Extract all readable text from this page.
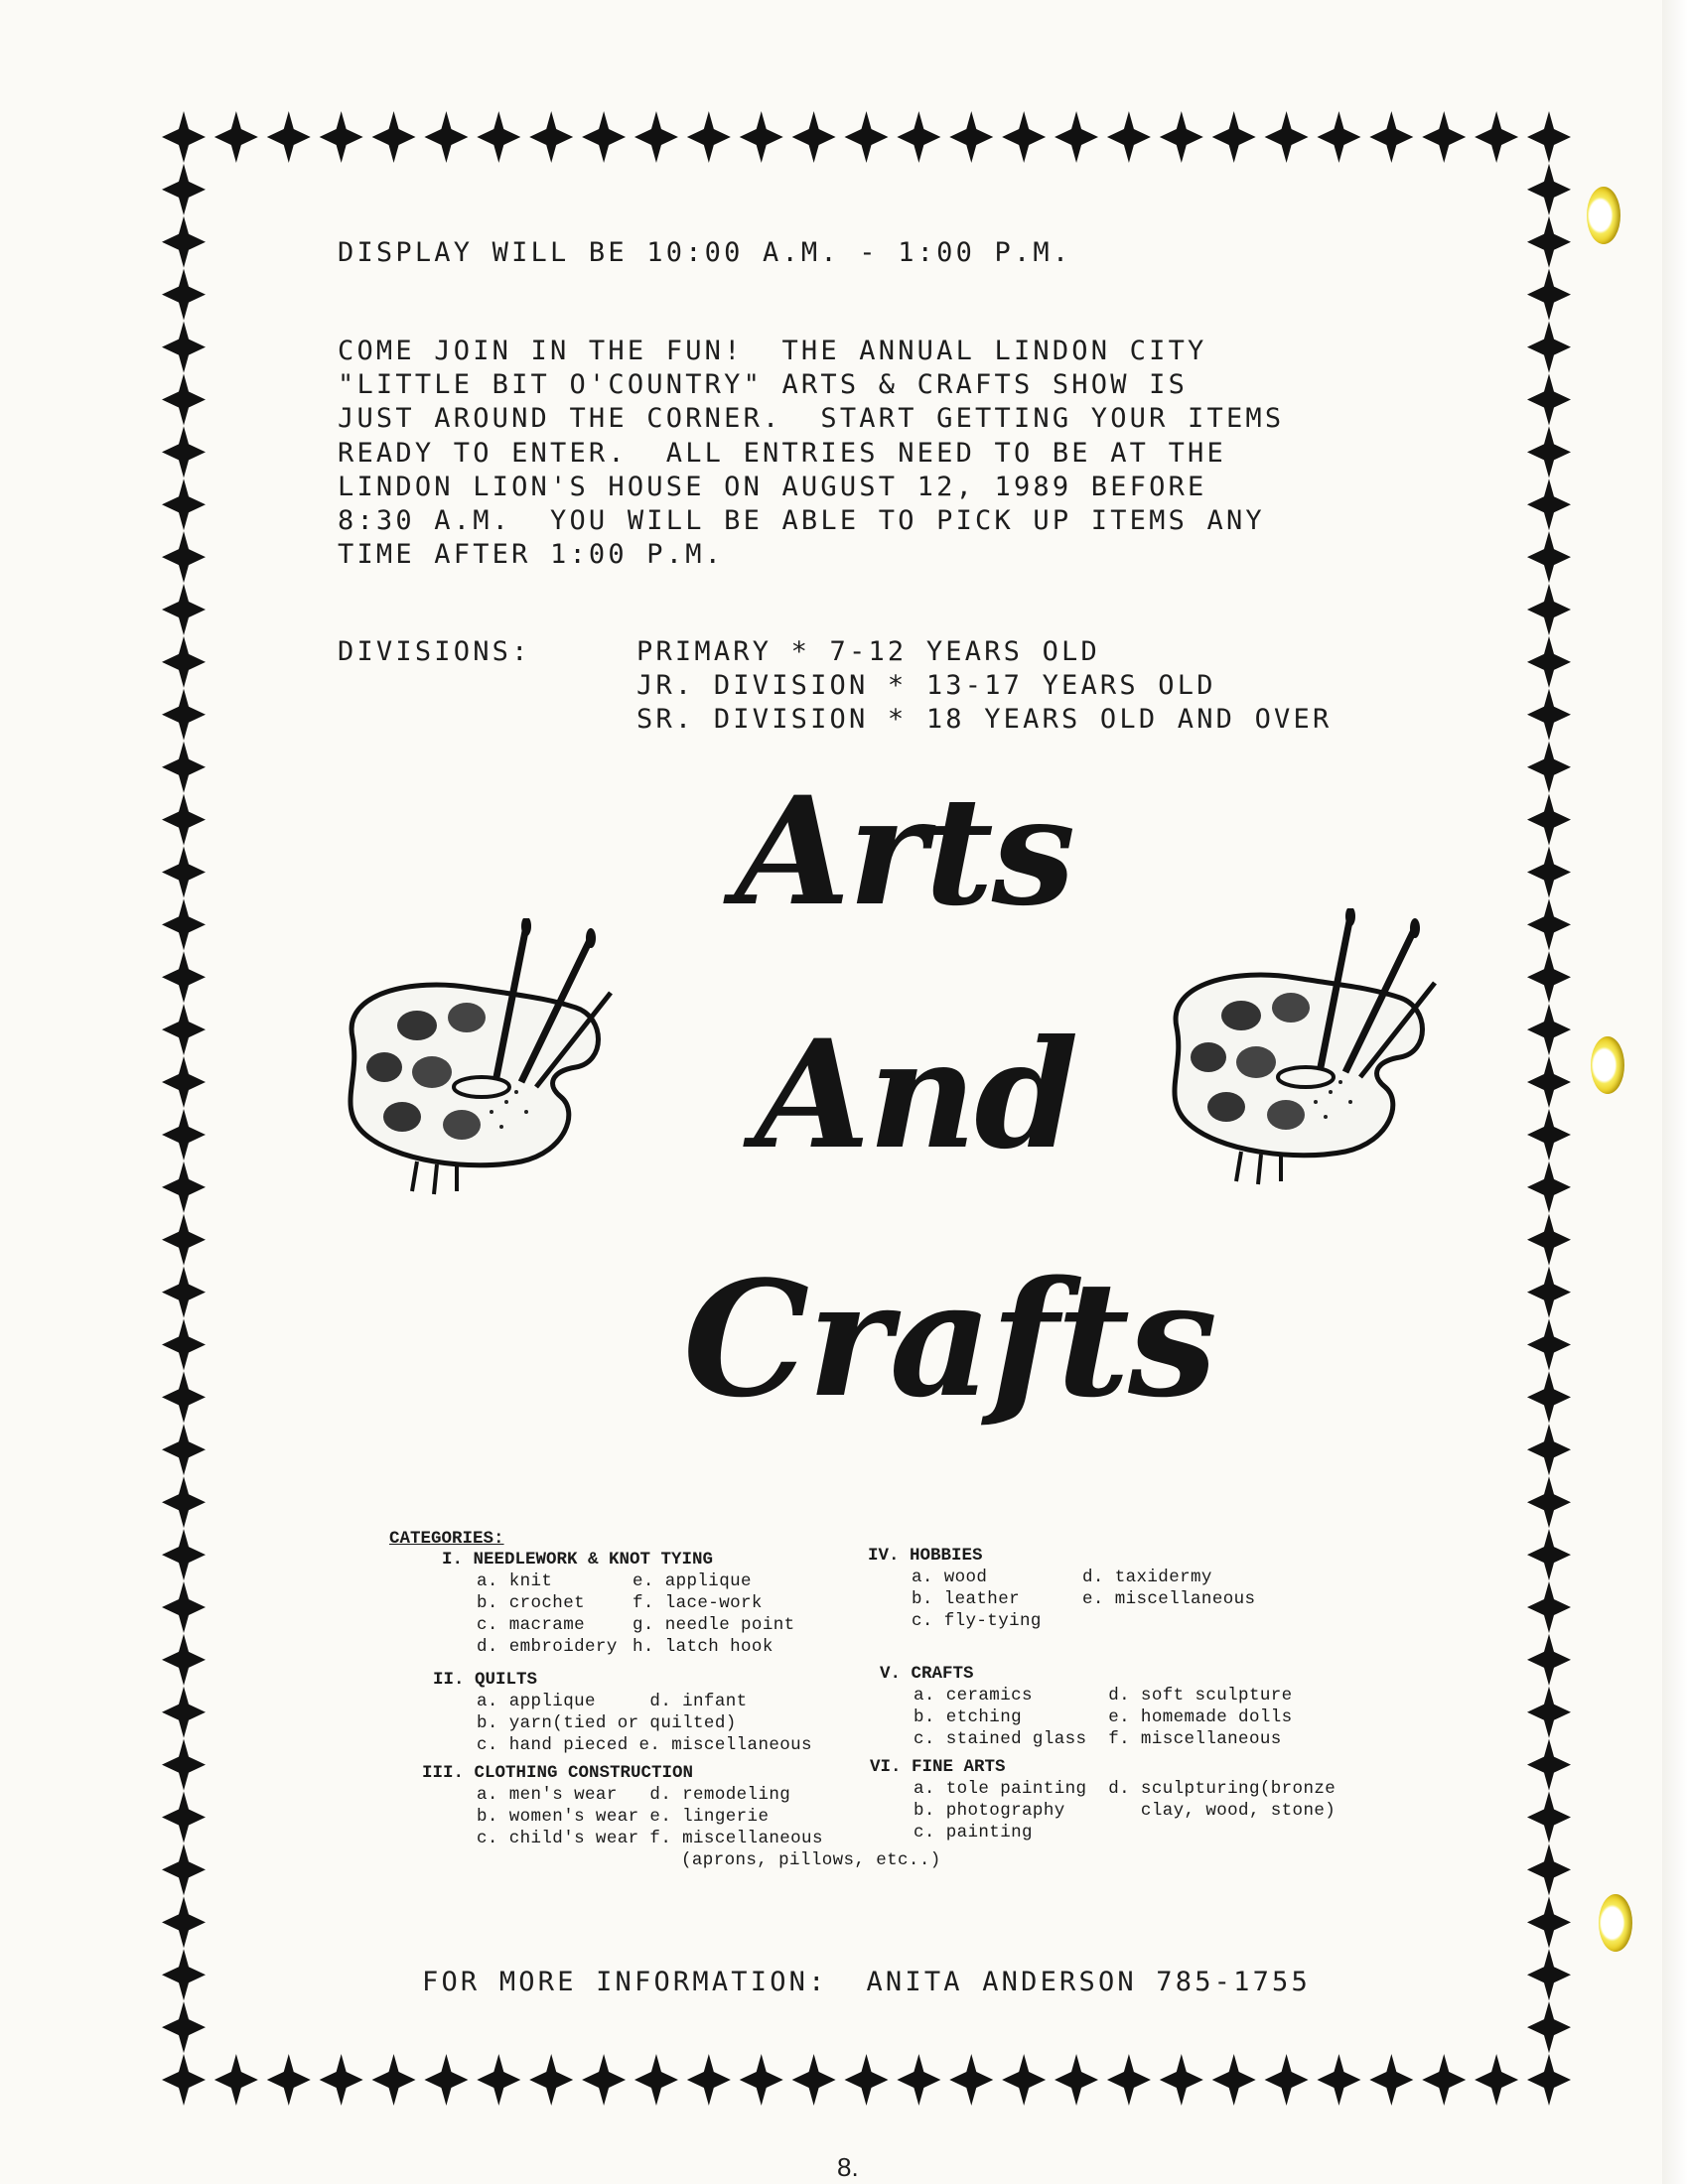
DISPLAY WILL BE 10:00 A.M. - 1:00 P.M.
COME JOIN IN THE FUN!  THE ANNUAL LINDON CITY
"LITTLE BIT O'COUNTRY" ARTS & CRAFTS SHOW IS
JUST AROUND THE CORNER.  START GETTING YOUR ITEMS
READY TO ENTER.  ALL ENTRIES NEED TO BE AT THE
LINDON LION'S HOUSE ON AUGUST 12, 1989 BEFORE
8:30 A.M.  YOU WILL BE ABLE TO PICK UP ITEMS ANY
TIME AFTER 1:00 P.M.
DIVISIONS:	PRIMARY * 7-12 YEARS OLD
JR. DIVISION * 13-17 YEARS OLD
SR. DIVISION * 18 YEARS OLD AND OVER
Arts
And
Crafts
CATEGORIES:
I. NEEDLEWORK & KNOT TYING
a. knit
b. crochet
c. macrame
d. embroidery
e. applique
f. lace-work
g. needle point
h. latch hook
II. QUILTS
a. applique     d. infant
b. yarn(tied or quilted)
c. hand pieced e. miscellaneous
III. CLOTHING CONSTRUCTION
a. men's wear   d. remodeling
b. women's wear e. lingerie
c. child's wear f. miscellaneous
(aprons, pillows, etc..)
IV. HOBBIES
a. wood
b. leather
c. fly-tying
d. taxidermy
e. miscellaneous
V. CRAFTS
a. ceramics       d. soft sculpture
b. etching        e. homemade dolls
c. stained glass  f. miscellaneous
VI. FINE ARTS
a. tole painting  d. sculpturing(bronze
b. photography       clay, wood, stone)
c. painting
FOR MORE INFORMATION:  ANITA ANDERSON 785-1755
8.
